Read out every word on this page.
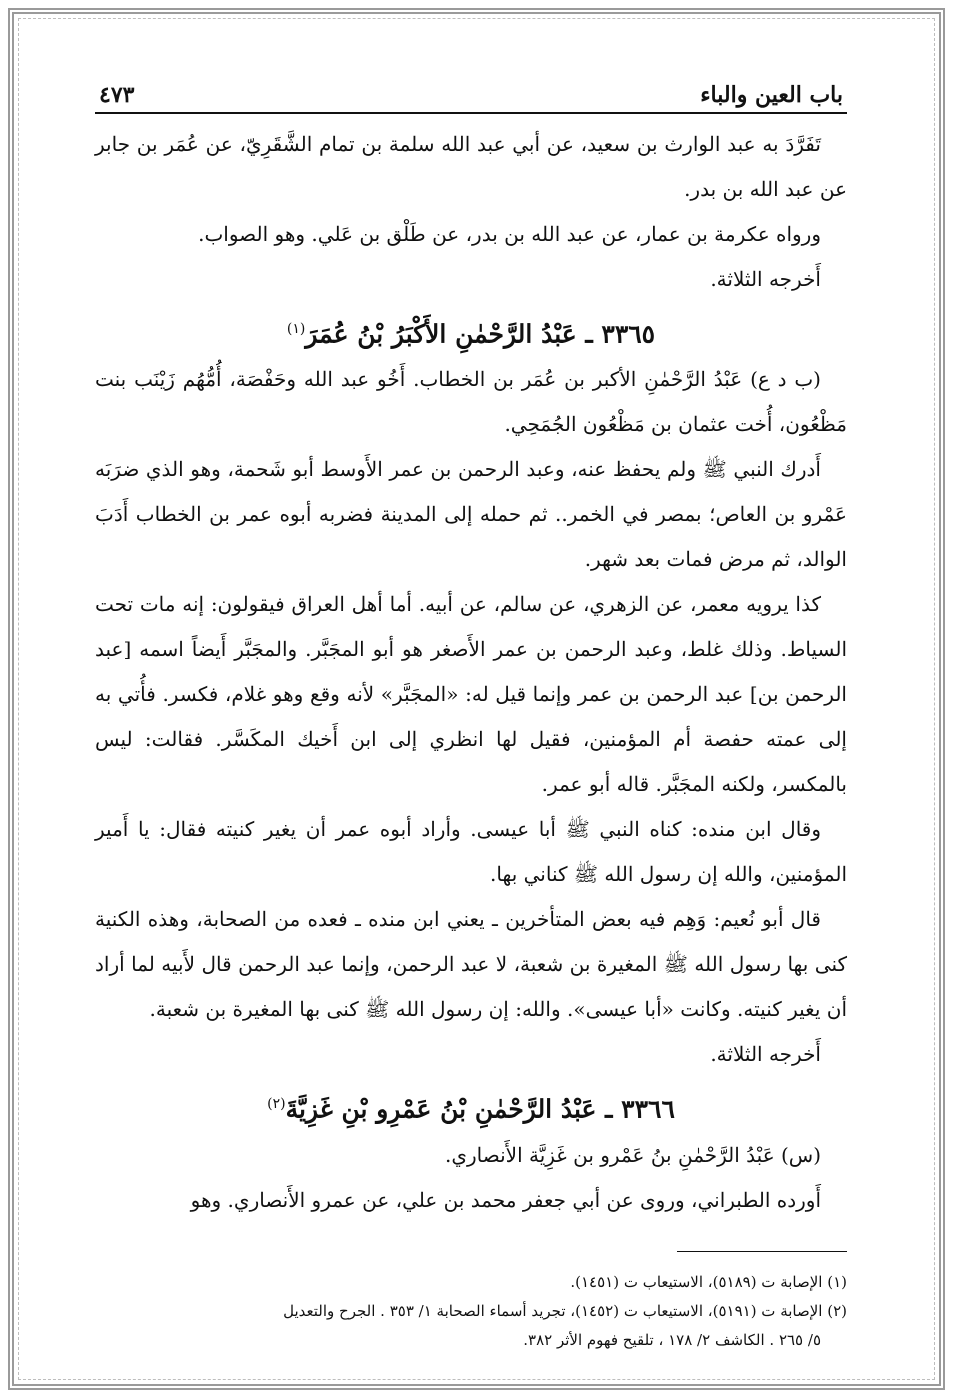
باب العين والباء
٤٧٣

تَفَرَّدَ به عبد الوارث بن سعيد، عن أبي عبد الله سلمة بن تمام الشَّقَرِيّ، عن عُمَر بن جابر عن عبد الله بن بدر.

ورواه عكرمة بن عمار، عن عبد الله بن بدر، عن طَلْق بن عَلي. وهو الصواب.

أَخرجه الثلاثة.

٣٣٦٥ ـ عَبْدُ الرَّحْمٰنِ الأَكْبَرُ بْنُ عُمَرَ$^{(١)}$

(ب د ع) عَبْدُ الرَّحْمٰنِ الأكبر بن عُمَر بن الخطاب. أَخُو عبد الله وحَفْصَة، أُمُّهُم زَيْنَب بنت مَظْعُون، أُخت عثمان بن مَظْعُون الجُمَحِي.

أَدرك النبي ﷺ ولم يحفظ عنه، وعبد الرحمن بن عمر الأَوسط أبو شَحمة، وهو الذي ضرَبَه عَمْرو بن العاص؛ بمصر في الخمر.. ثم حمله إلى المدينة فضربه أبوه عمر بن الخطاب أَدَبَ الوالد، ثم مرض فمات بعد شهر.

كذا يرويه معمر، عن الزهري، عن سالم، عن أبيه. أما أهل العراق فيقولون: إنه مات تحت السياط. وذلك غلط، وعبد الرحمن بن عمر الأَصغر هو أبو المجَبَّر. والمجَبَّر أَيضاً اسمه [عبد الرحمن بن] عبد الرحمن بن عمر وإنما قيل له: «المجَبَّر» لأنه وقع وهو غلام، فكسر. فأُتي به إلى عمته حفصة أم المؤمنين، فقيل لها انظري إلى ابن أَخيك المكَسَّر. فقالت: ليس بالمكسر، ولكنه المجَبَّر. قاله أبو عمر.

وقال ابن منده: كناه النبي ﷺ أبا عيسى. وأراد أبوه عمر أن يغير كنيته فقال: يا أَمير المؤمنين، والله إن رسول الله ﷺ كناني بها.

قال أبو نُعيم: وَهِم فيه بعض المتأخرين ـ يعني ابن منده ـ فعده من الصحابة، وهذه الكنية كنى بها رسول الله ﷺ المغيرة بن شعبة، لا عبد الرحمن، وإنما عبد الرحمن قال لأَبيه لما أراد أن يغير كنيته. وكانت «أبا عيسى». والله: إن رسول الله ﷺ كنى بها المغيرة بن شعبة.

أَخرجه الثلاثة.

٣٣٦٦ ـ عَبْدُ الرَّحْمٰنِ بْنُ عَمْرِو بْنِ غَزِيَّةَ$^{(٢)}$

(س) عَبْدُ الرَّحْمٰنِ بنُ عَمْرو بن غَزِيَّة الأَنصاري.

أَورده الطبراني، وروى عن أبي جعفر محمد بن علي، عن عمرو الأَنصاري. وهو

(١) الإصابة ت (٥١٨٩)، الاستيعاب ت (١٤٥١).

(٢) الإصابة ت (٥١٩١)، الاستيعاب ت (١٤٥٢)، تجريد أسماء الصحابة ١/ ٣٥٣ . الجرح والتعديل

٥/ ٢٦٥ . الكاشف ٢/ ١٧٨ ، تلقيح فهوم الأثر ٣٨٢.
